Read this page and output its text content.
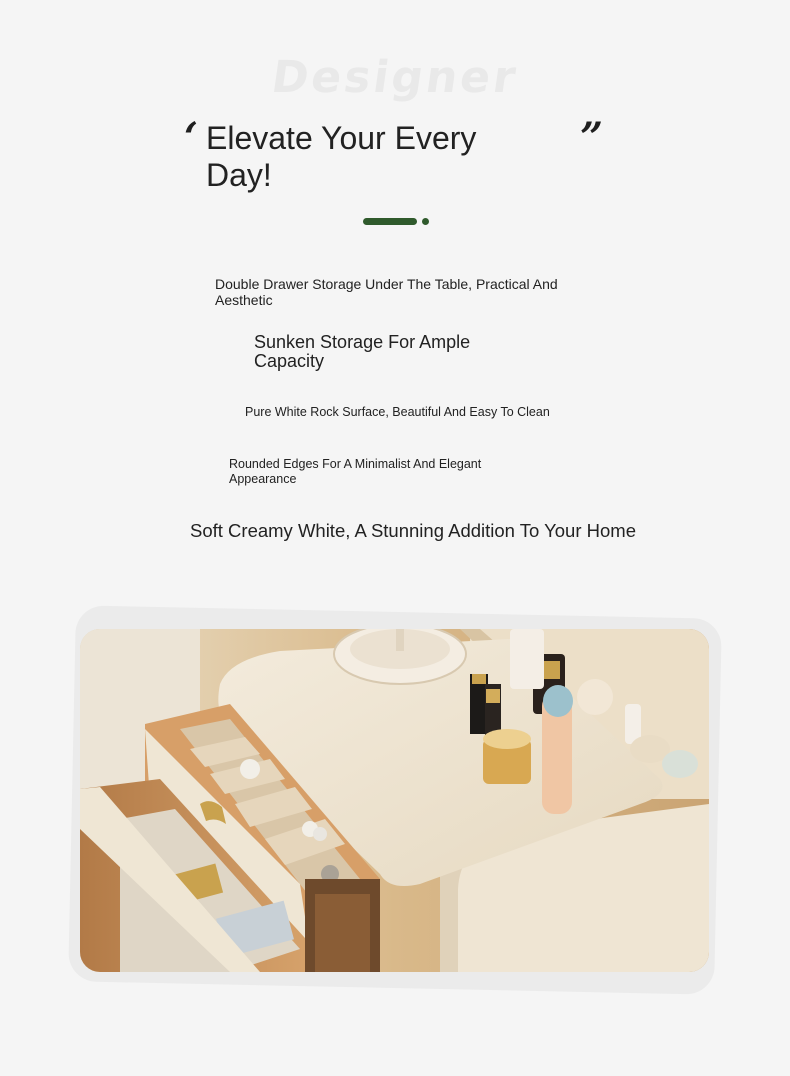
Designer
‘ Elevate Your Every Day!
”

Double Drawer Storage Under The Table, Practical And Aesthetic

Sunken Storage For Ample Capacity

Pure White Rock Surface, Beautiful And Easy To Clean

Rounded Edges For A Minimalist And Elegant Appearance

Soft Creamy White, A Stunning Addition To Your Home
